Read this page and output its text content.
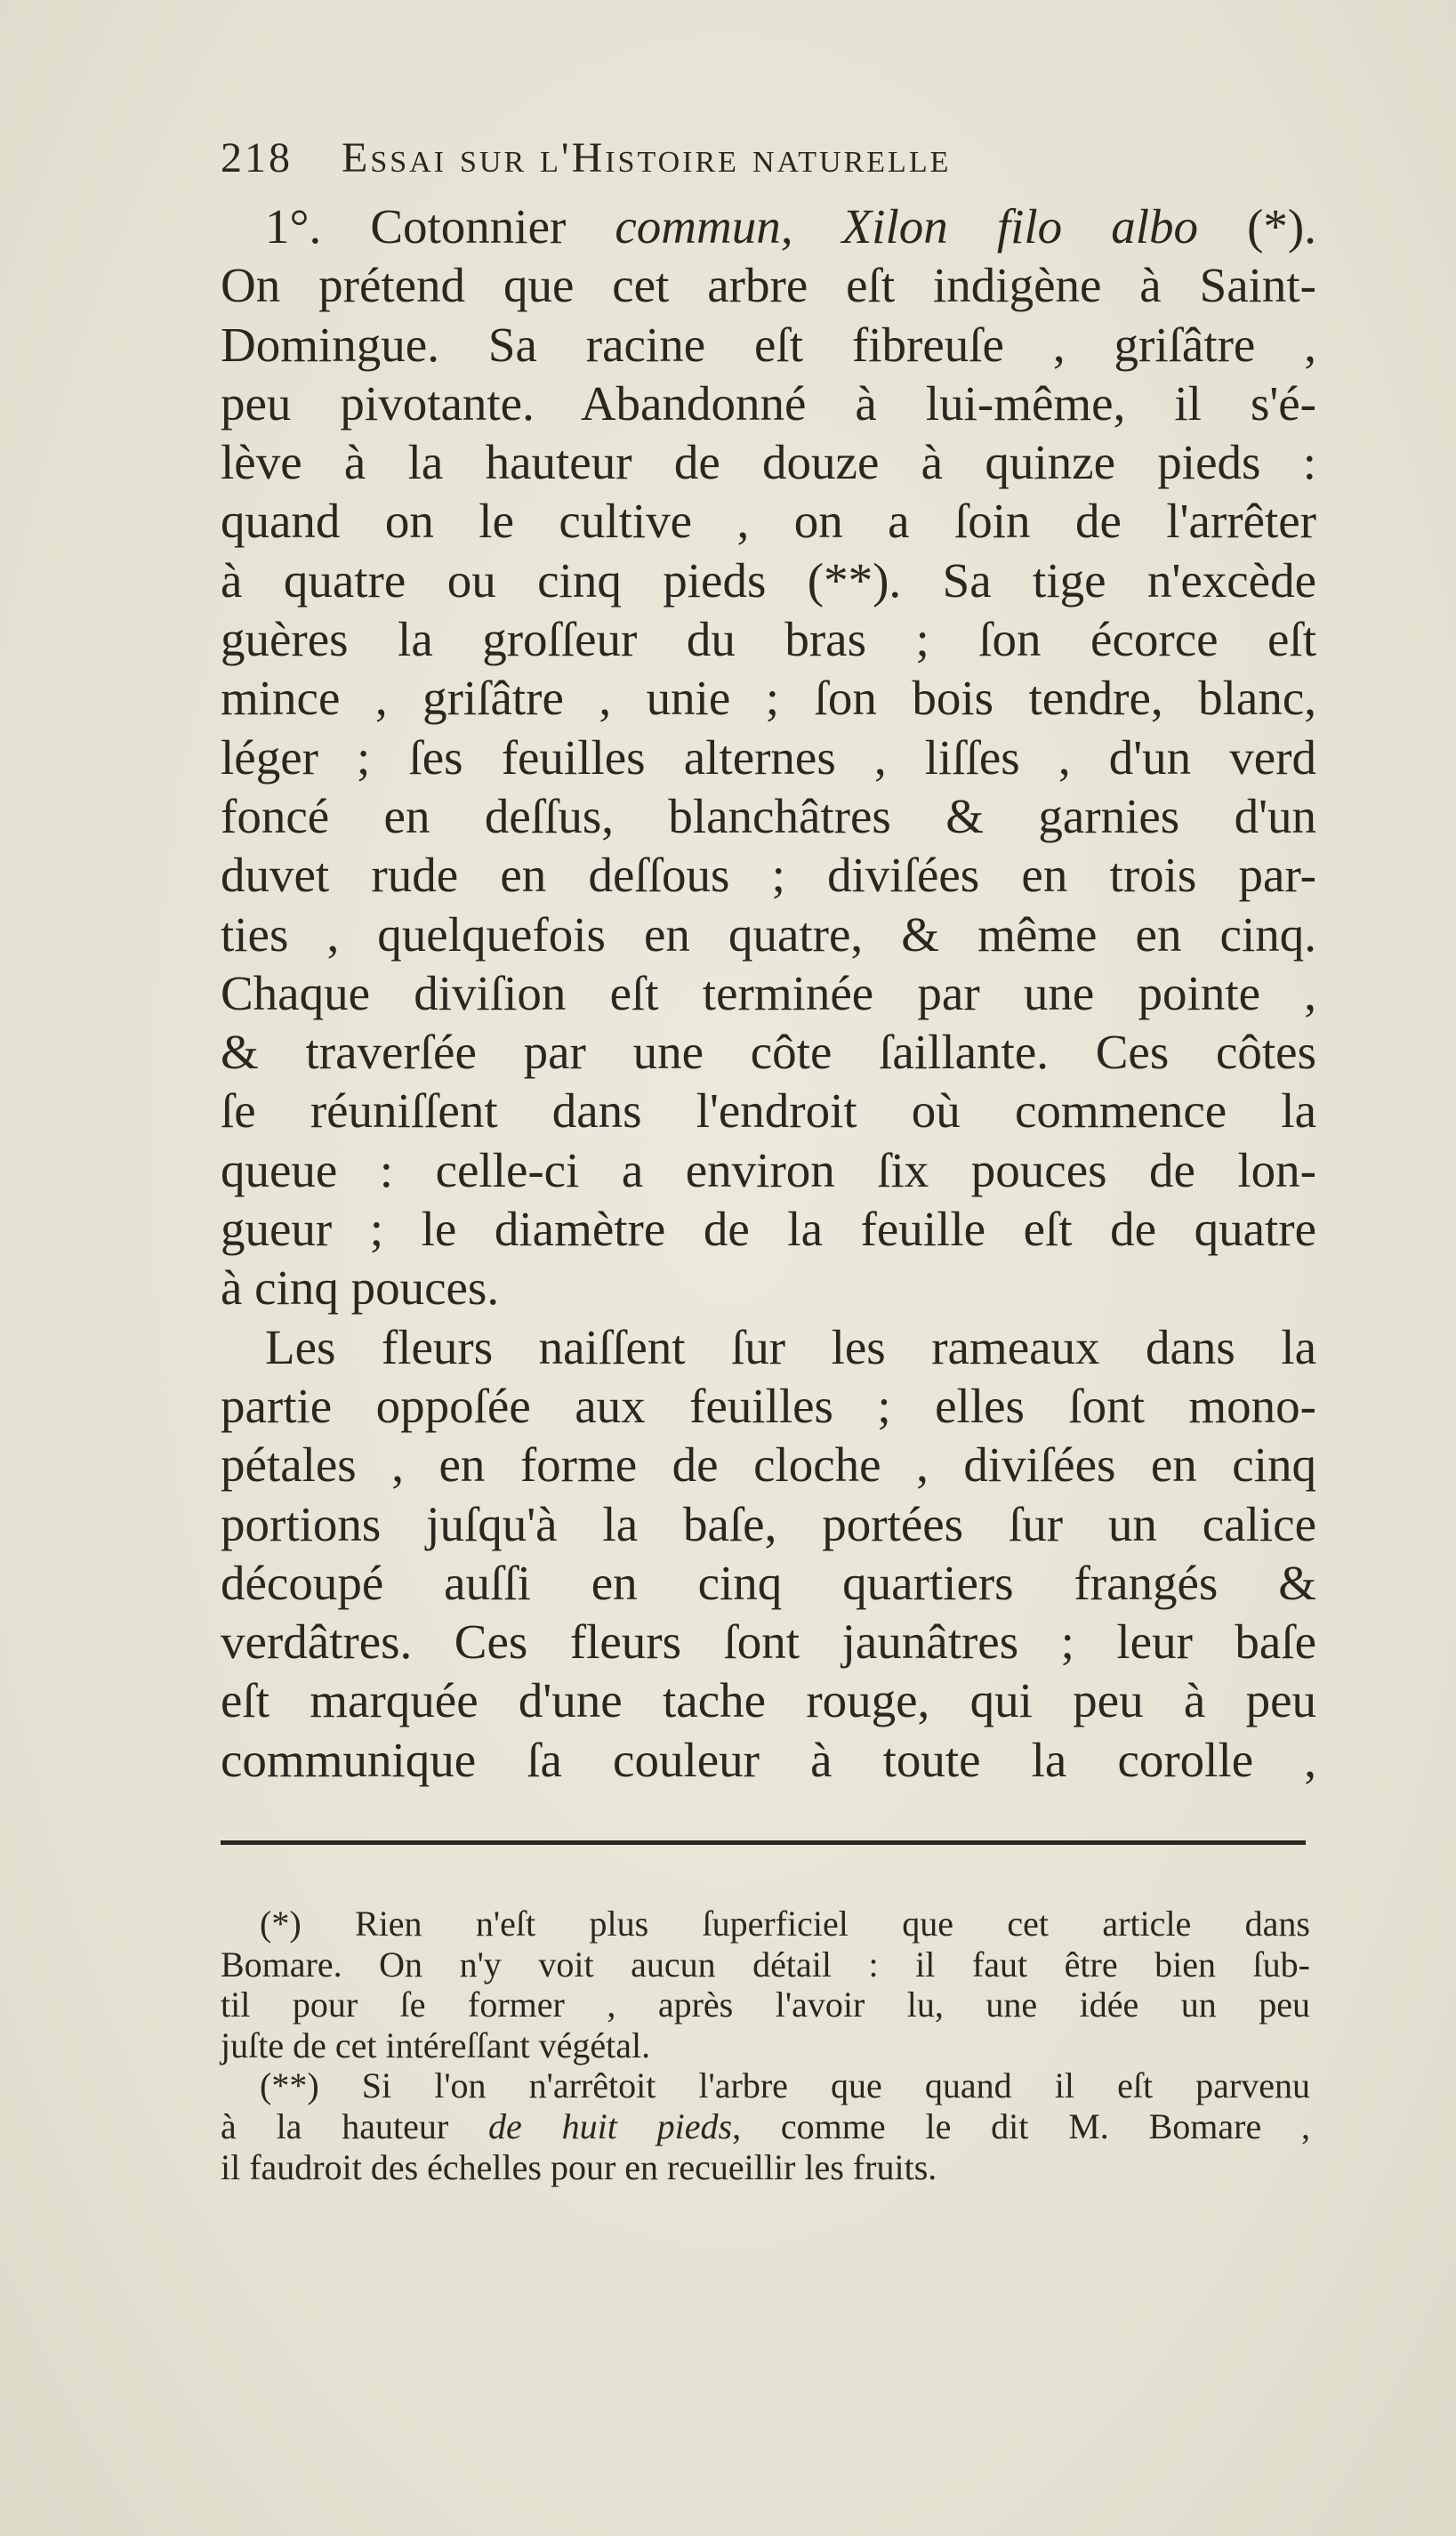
218 Essai sur l'Histoire naturelle
1°. Cotonnier commun, Xilon filo albo (*).
On prétend que cet arbre eſt indigène à Saint-
Domingue. Sa racine eſt fibreuſe , griſâtre ,
peu pivotante. Abandonné à lui-même, il s'é-
lève à la hauteur de douze à quinze pieds :
quand on le cultive , on a ſoin de l'arrêter
à quatre ou cinq pieds (**). Sa tige n'excède
guères la groſſeur du bras ; ſon écorce eſt
mince , griſâtre , unie ; ſon bois tendre, blanc,
léger ; ſes feuilles alternes , liſſes , d'un verd
foncé en deſſus, blanchâtres & garnies d'un
duvet rude en deſſous ; diviſées en trois par-
ties , quelquefois en quatre, & même en cinq.
Chaque diviſion eſt terminée par une pointe ,
& traverſée par une côte ſaillante. Ces côtes
ſe réuniſſent dans l'endroit où commence la
queue : celle-ci a environ ſix pouces de lon-
gueur ; le diamètre de la feuille eſt de quatre
à cinq pouces.
Les fleurs naiſſent ſur les rameaux dans la
partie oppoſée aux feuilles ; elles ſont mono-
pétales , en forme de cloche , diviſées en cinq
portions juſqu'à la baſe, portées ſur un calice
découpé auſſi en cinq quartiers frangés &
verdâtres. Ces fleurs ſont jaunâtres ; leur baſe
eſt marquée d'une tache rouge, qui peu à peu
communique ſa couleur à toute la corolle ,
(*) Rien n'eſt plus ſuperficiel que cet article dans
Bomare. On n'y voit aucun détail : il faut être bien ſub-
til pour ſe former , après l'avoir lu, une idée un peu
juſte de cet intéreſſant végétal.
(**) Si l'on n'arrêtoit l'arbre que quand il eſt parvenu
à la hauteur de huit pieds, comme le dit M. Bomare ,
il faudroit des échelles pour en recueillir les fruits.
